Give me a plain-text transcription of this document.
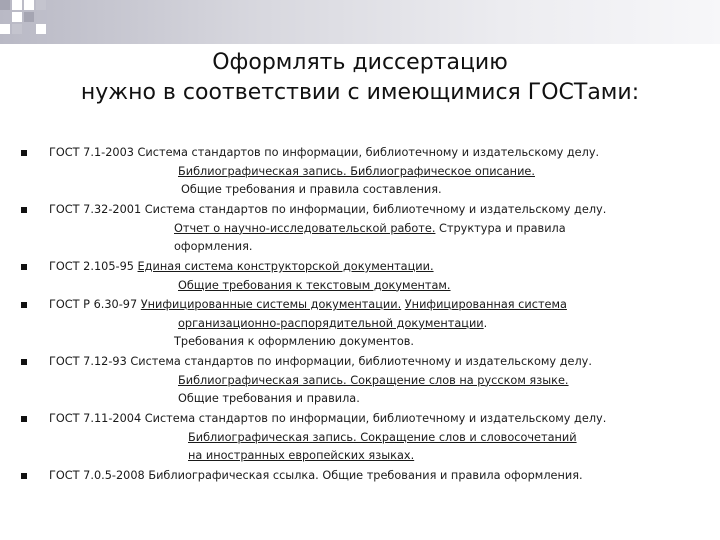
Оформлять диссертацию
нужно в соответствии с имеющимися ГОСТами:
ГОСТ 7.1-2003 Система стандартов по информации, библиотечному и издательскому делу.
Библиографическая запись. Библиографическое описание.
Общие требования и правила составления.
ГОСТ 7.32-2001 Система стандартов по информации, библиотечному и издательскому делу.
Отчет о научно-исследовательской работе. Структура и правила
оформления.
ГОСТ 2.105-95 Единая система конструкторской документации.
Общие требования к текстовым документам.
ГОСТ Р 6.30-97 Унифицированные системы документации. Унифицированная система
организационно-распорядительной документации.
Требования к оформлению документов.
ГОСТ 7.12-93 Система стандартов по информации, библиотечному и издательскому делу.
Библиографическая запись. Сокращение слов на русском языке.
Общие требования и правила.
ГОСТ 7.11-2004 Система стандартов по информации, библиотечному и издательскому делу.
Библиографическая запись. Сокращение слов и словосочетаний
на иностранных европейских языках.
ГОСТ 7.0.5-2008 Библиографическая ссылка. Общие требования и правила оформления.
